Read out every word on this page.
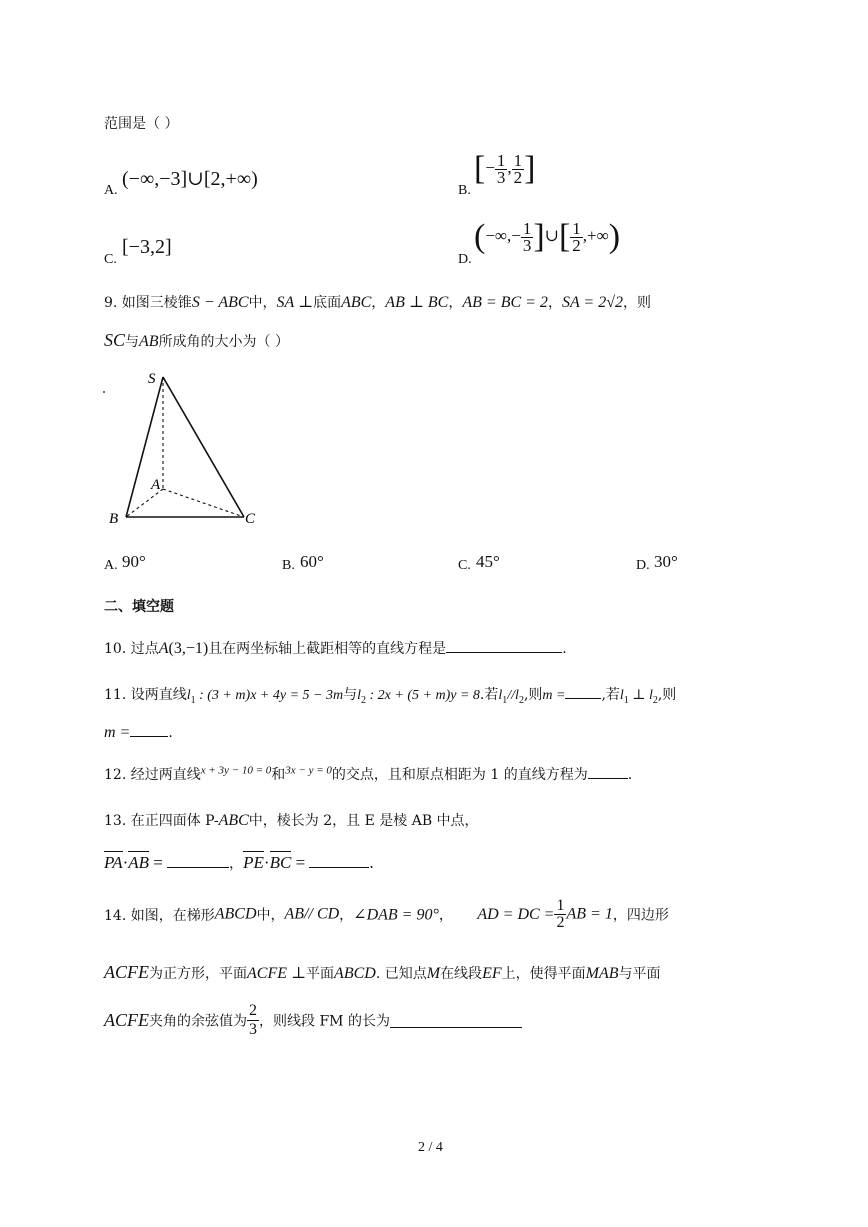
范围是（ ）
A.
(−∞,−3]∪[2,+∞)
B.
[− $\frac{1}{3}$ , $\frac{1}{2}$ ]
C.
[−3,2]
D.
(−∞,− $\frac{1}{3}$ ]∪[ $\frac{1}{2}$ ,+∞)
9. 如图三棱锥S − ABC中，SA ⊥底面ABC，AB ⊥ BC，AB = BC = 2，SA = 2√2，则
SC与AB所成角的大小为（ ）
S
A
B	C
A. 90°	B. 60°	C. 45°	D. 30°
二、填空题
10. 过点A(3,−1)且在两坐标轴上截距相等的直线方程是	.
11. 设两直线$l_1$ : (3 + m)x + 4y = 5 − 3m与$l_2$ : 2x + (5 + m)y = 8.若$l_1//l_2$,则m =	,若$l_1$ ⊥ $l_2$,则
m =	.
12. 经过两直线$^{x + 3y - 10 = 0}$和$^{3x - y = 0}$的交点，且和原点相距为 1 的直线方程为	.
13. 在正四面体 P-ABC中，棱长为 2，且 E 是棱 AB 中点，
PA·AB =	，PE·BC =	.
14. 如图，在梯形ABCD中，AB// CD，∠DAB = 90°， AD = DC = $\frac{1}{2}$ AB = 1，四边形
ACFE为正方形，平面ACFE ⊥平面ABCD. 已知点M在线段EF上，使得平面MAB与平面
ACFE夹角的余弦值为 $\frac{2}{3}$ ，则线段 FM 的长为
2 / 4
